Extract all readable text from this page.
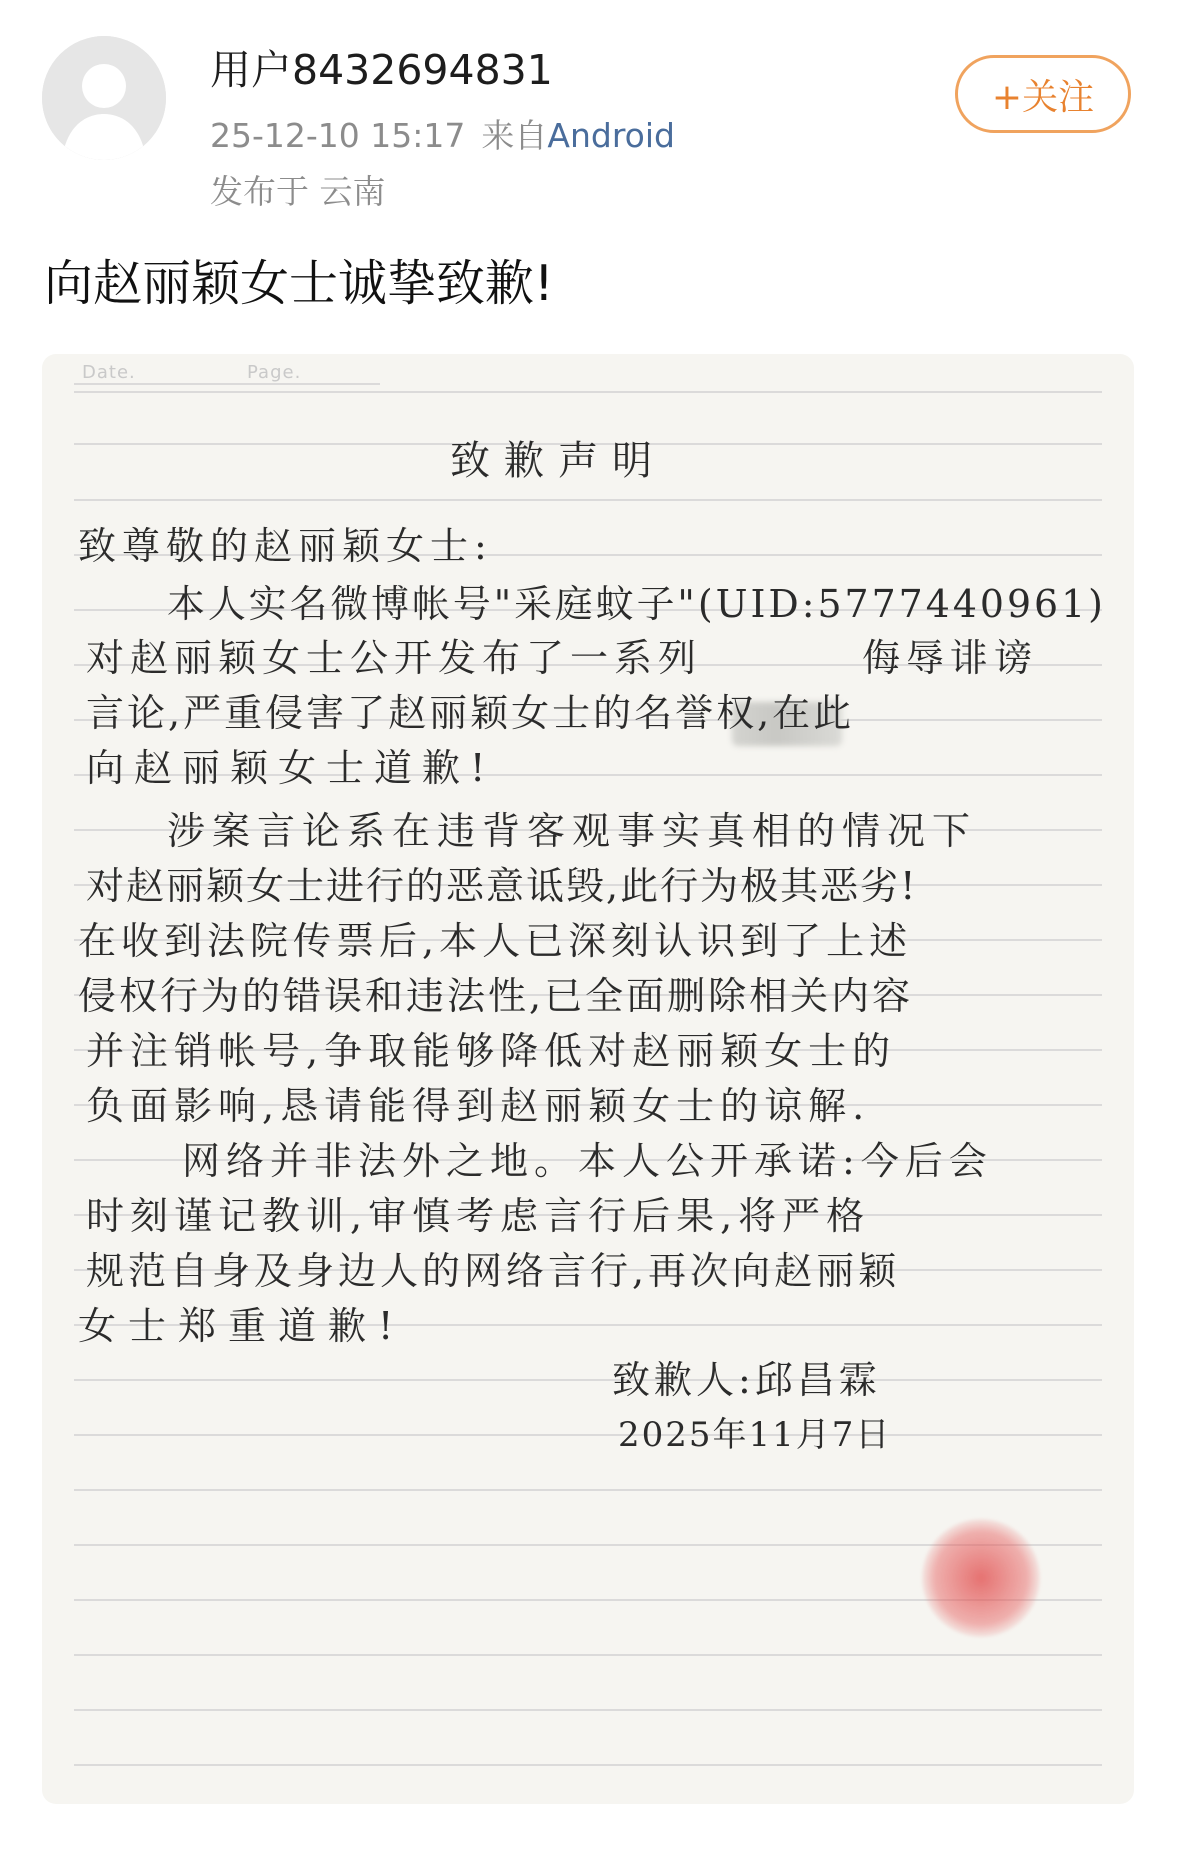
用户8432694831
25-12-10 15:17 来自Android
发布于 云南
+关注
向赵丽颖女士诚挚致歉!
Date.	Page.
致歉声明
致尊敬的赵丽颖女士:
本人实名微博帐号"采庭蚊子"(UID:5777440961)
对赵丽颖女士公开发布了一系列	侮辱诽谤
言论,严重侵害了赵丽颖女士的名誉权,在此
向赵丽颖女士道歉!
涉案言论系在违背客观事实真相的情况下
对赵丽颖女士进行的恶意诋毁,此行为极其恶劣!
在收到法院传票后,本人已深刻认识到了上述
侵权行为的错误和违法性,已全面删除相关内容
并注销帐号,争取能够降低对赵丽颖女士的
负面影响,恳请能得到赵丽颖女士的谅解.
网络并非法外之地。本人公开承诺:今后会
时刻谨记教训,审慎考虑言行后果,将严格
规范自身及身边人的网络言行,再次向赵丽颖
女士郑重道歉!
致歉人:邱昌霖
2025年11月7日
